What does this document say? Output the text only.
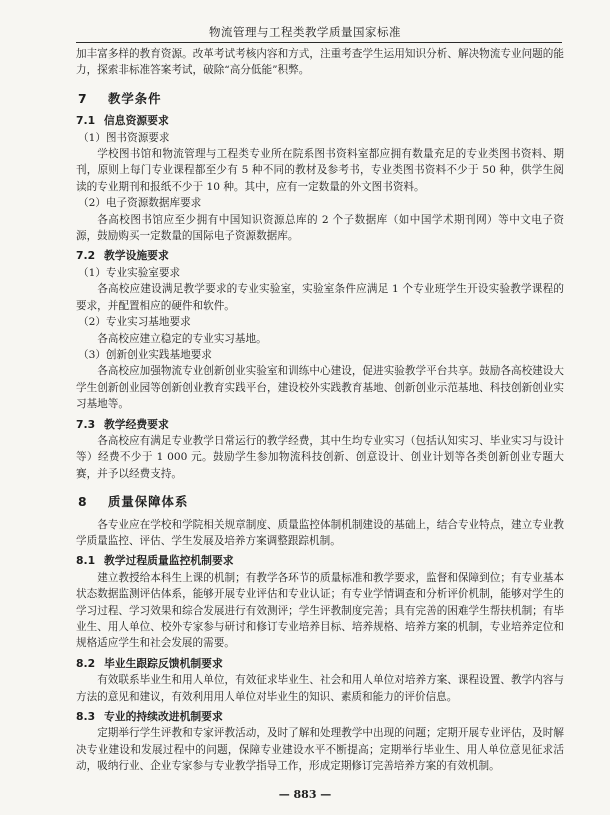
物流管理与工程类教学质量国家标准

加丰富多样的教育资源。改革考试考核内容和方式，注重考查学生运用知识分析、解决物流专业问题的能力，探索非标准答案考试，破除“高分低能”积弊。

7 教学条件
7.1 信息资源要求

（1）图书资源要求

学校图书馆和物流管理与工程类专业所在院系图书资料室都应拥有数量充足的专业类图书资料、期刊，原则上每门专业课程都至少有 5 种不同的教材及参考书，专业类图书资料不少于 50 种，供学生阅读的专业期刊和报纸不少于 10 种。其中，应有一定数量的外文图书资料。

（2）电子资源数据库要求

各高校图书馆应至少拥有中国知识资源总库的 2 个子数据库（如中国学术期刊网）等中文电子资源，鼓励购买一定数量的国际电子资源数据库。

7.2 教学设施要求

（1）专业实验室要求

各高校应建设满足教学要求的专业实验室，实验室条件应满足 1 个专业班学生开设实验教学课程的要求，并配置相应的硬件和软件。

（2）专业实习基地要求

各高校应建立稳定的专业实习基地。

（3）创新创业实践基地要求

各高校应加强物流专业创新创业实验室和训练中心建设，促进实验教学平台共享。鼓励各高校建设大学生创新创业园等创新创业教育实践平台，建设校外实践教育基地、创新创业示范基地、科技创新创业实习基地等。

7.3 教学经费要求

各高校应有满足专业教学日常运行的教学经费，其中生均专业实习（包括认知实习、毕业实习与设计等）经费不少于 1 000 元。鼓励学生参加物流科技创新、创意设计、创业计划等各类创新创业专题大赛，并予以经费支持。

8 质量保障体系

各专业应在学校和学院相关规章制度、质量监控体制机制建设的基础上，结合专业特点，建立专业教学质量监控、评估、学生发展及培养方案调整跟踪机制。

8.1 教学过程质量监控机制要求

建立教授给本科生上课的机制；有教学各环节的质量标准和教学要求，监督和保障到位；有专业基本状态数据监测评估体系，能够开展专业评估和专业认证；有专业学情调查和分析评价机制，能够对学生的学习过程、学习效果和综合发展进行有效测评；学生评教制度完善；具有完善的困难学生帮扶机制；有毕业生、用人单位、校外专家参与研讨和修订专业培养目标、培养规格、培养方案的机制，专业培养定位和规格适应学生和社会发展的需要。

8.2 毕业生跟踪反馈机制要求

有效联系毕业生和用人单位，有效征求毕业生、社会和用人单位对培养方案、课程设置、教学内容与方法的意见和建议，有效利用用人单位对毕业生的知识、素质和能力的评价信息。

8.3 专业的持续改进机制要求

定期举行学生评教和专家评教活动，及时了解和处理教学中出现的问题；定期开展专业评估，及时解决专业建设和发展过程中的问题，保障专业建设水平不断提高；定期举行毕业生、用人单位意见征求活动，吸纳行业、企业专家参与专业教学指导工作，形成定期修订完善培养方案的有效机制。

— 883 —
